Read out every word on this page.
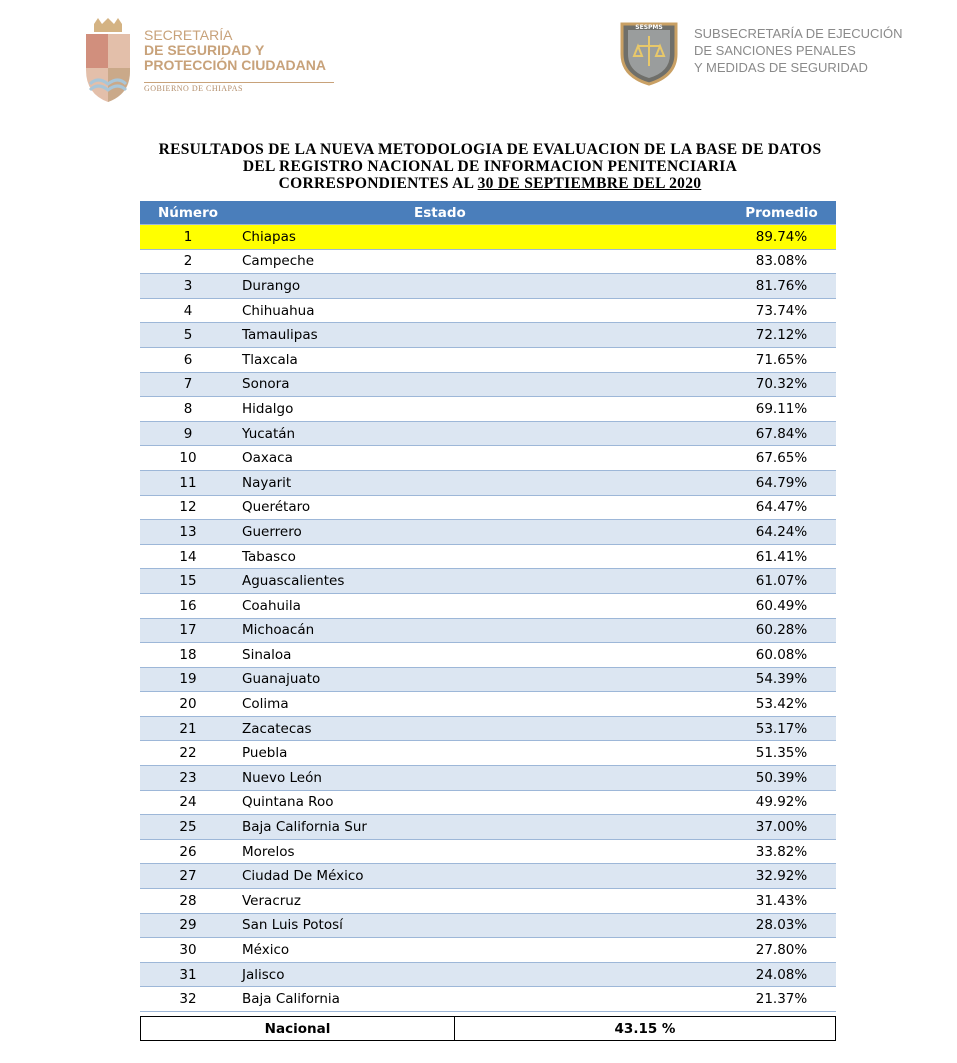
SECRETARÍA
DE SEGURIDAD Y
PROTECCIÓN CIUDADANA
GOBIERNO DE CHIAPAS
SESPMS SUBSECRETARÍA DE EJECUCIÓN
DE SANCIONES PENALES
Y MEDIDAS DE SEGURIDAD
RESULTADOS DE LA NUEVA METODOLOGIA DE EVALUACION DE LA BASE DE DATOS
DEL REGISTRO NACIONAL DE INFORMACION PENITENCIARIA
CORRESPONDIENTES AL 30 DE SEPTIEMBRE DEL 2020
Número	Estado	Promedio
1	Chiapas	89.74%
2	Campeche	83.08%
3	Durango	81.76%
4	Chihuahua	73.74%
5	Tamaulipas	72.12%
6	Tlaxcala	71.65%
7	Sonora	70.32%
8	Hidalgo	69.11%
9	Yucatán	67.84%
10	Oaxaca	67.65%
11	Nayarit	64.79%
12	Querétaro	64.47%
13	Guerrero	64.24%
14	Tabasco	61.41%
15	Aguascalientes	61.07%
16	Coahuila	60.49%
17	Michoacán	60.28%
18	Sinaloa	60.08%
19	Guanajuato	54.39%
20	Colima	53.42%
21	Zacatecas	53.17%
22	Puebla	51.35%
23	Nuevo León	50.39%
24	Quintana Roo	49.92%
25	Baja California Sur	37.00%
26	Morelos	33.82%
27	Ciudad De México	32.92%
28	Veracruz	31.43%
29	San Luis Potosí	28.03%
30	México	27.80%
31	Jalisco	24.08%
32	Baja California	21.37%
Nacional	43.15 %
